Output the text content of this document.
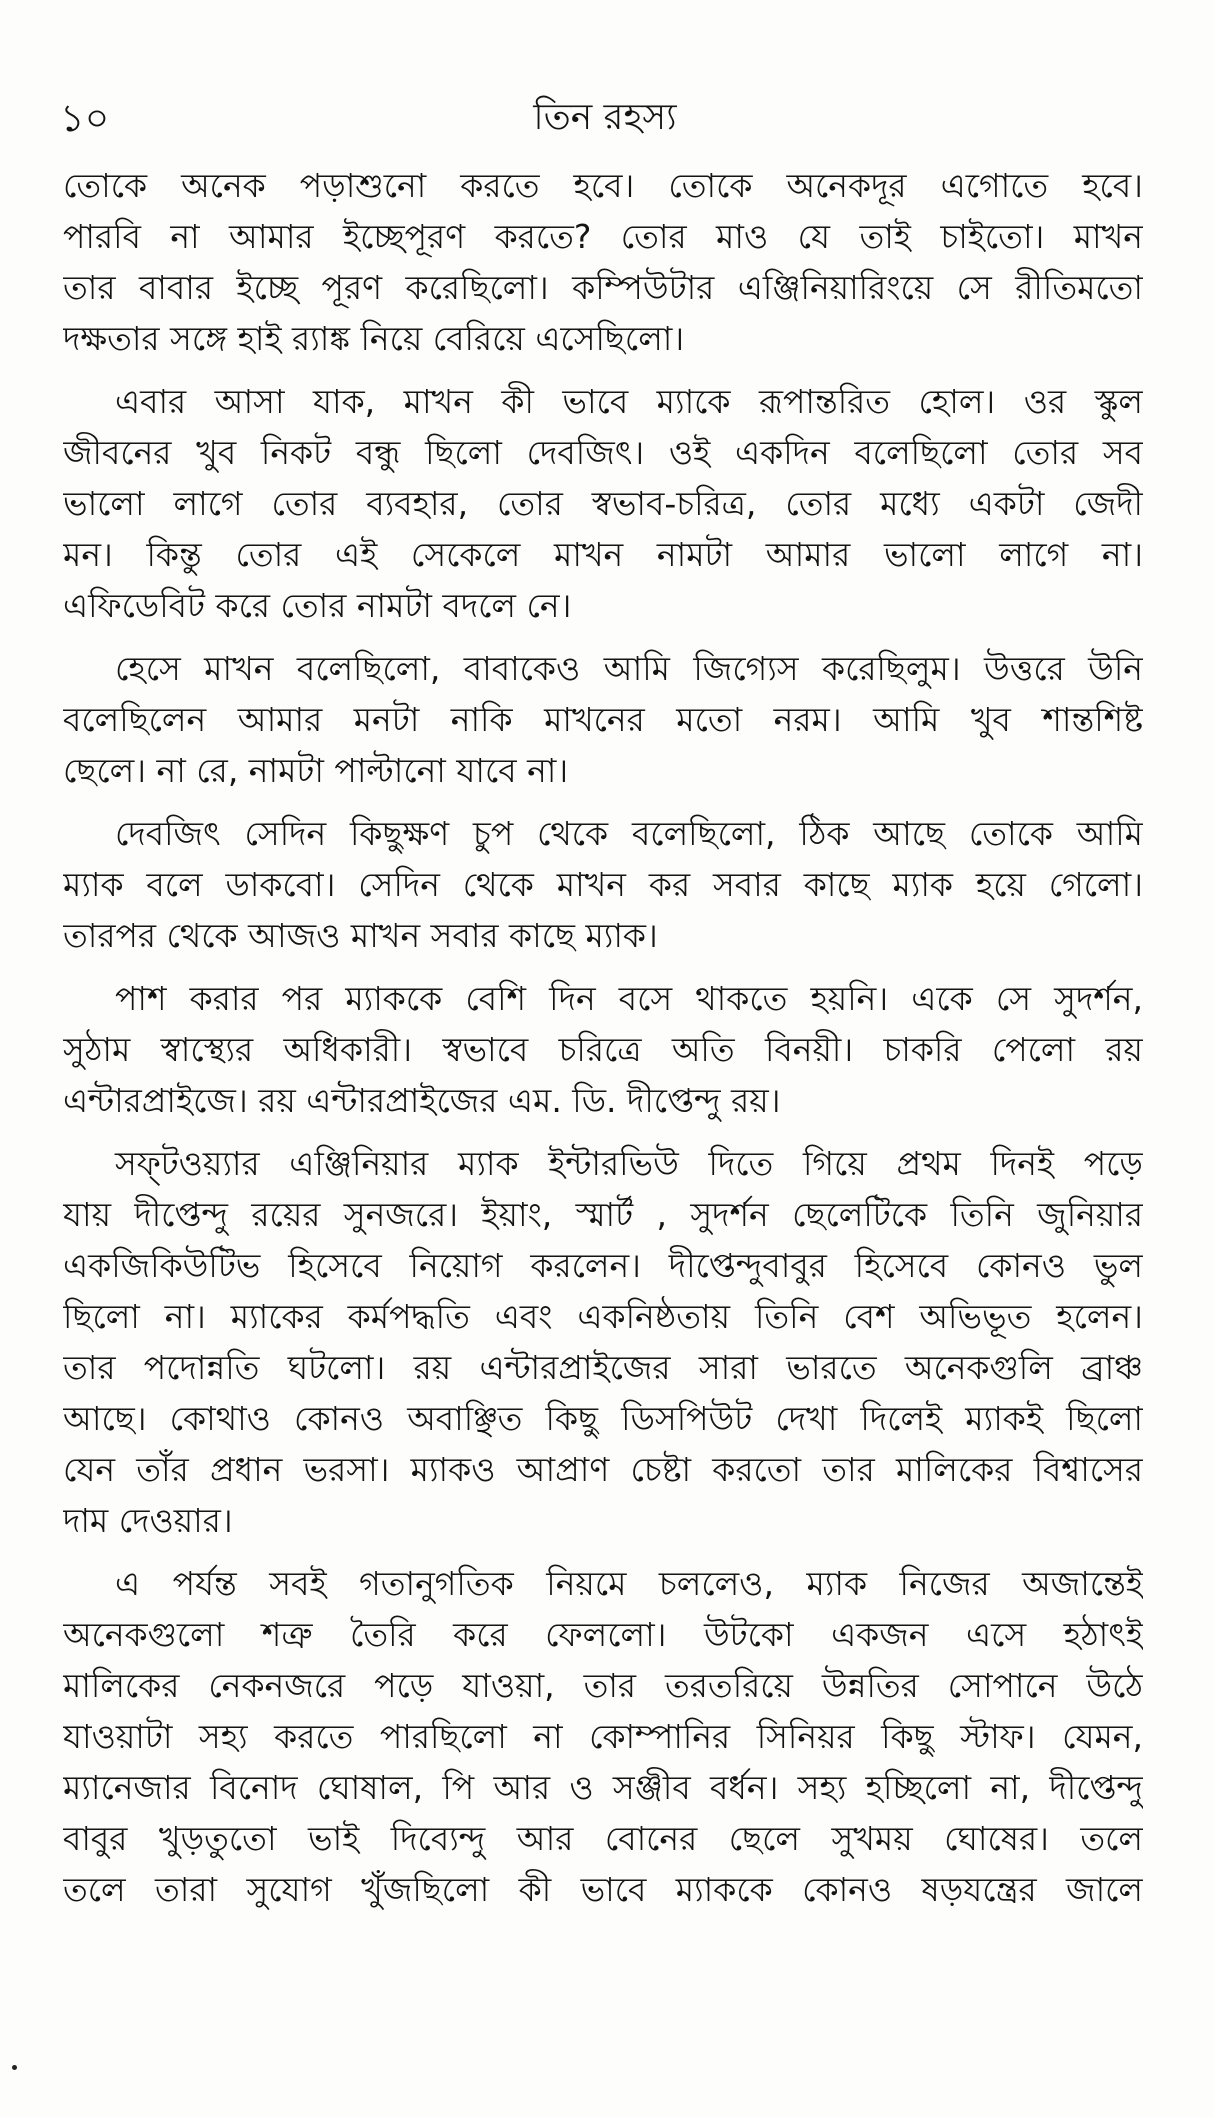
১০	তিন রহস্য
তোকে অনেক পড়াশুনো করতে হবে। তোকে অনেকদূর এগোতে হবে।
পারবি না আমার ইচ্ছেপূরণ করতে? তোর মাও যে তাই চাইতো। মাখন
তার বাবার ইচ্ছে পূরণ করেছিলো। কম্পিউটার এঞ্জিনিয়ারিংয়ে সে রীতিমতো
দক্ষতার সঙ্গে হাই র‍্যাঙ্ক নিয়ে বেরিয়ে এসেছিলো।
এবার আসা যাক, মাখন কী ভাবে ম্যাকে রূপান্তরিত হোল। ওর স্কুল
জীবনের খুব নিকট বন্ধু ছিলো দেবজিৎ। ওই একদিন বলেছিলো তোর সব
ভালো লাগে তোর ব্যবহার, তোর স্বভাব-চরিত্র, তোর মধ্যে একটা জেদী
মন। কিন্তু তোর এই সেকেলে মাখন নামটা আমার ভালো লাগে না।
এফিডেবিট করে তোর নামটা বদলে নে।
হেসে মাখন বলেছিলো, বাবাকেও আমি জিগ্যেস করেছিলুম। উত্তরে উনি
বলেছিলেন আমার মনটা নাকি মাখনের মতো নরম। আমি খুব শান্তশিষ্ট
ছেলে। না রে, নামটা পাল্টানো যাবে না।
দেবজিৎ সেদিন কিছুক্ষণ চুপ থেকে বলেছিলো, ঠিক আছে তোকে আমি
ম্যাক বলে ডাকবো। সেদিন থেকে মাখন কর সবার কাছে ম্যাক হয়ে গেলো।
তারপর থেকে আজও মাখন সবার কাছে ম্যাক।
পাশ করার পর ম্যাককে বেশি দিন বসে থাকতে হয়নি। একে সে সুদর্শন,
সুঠাম স্বাস্থ্যের অধিকারী। স্বভাবে চরিত্রে অতি বিনয়ী। চাকরি পেলো রয়
এন্টারপ্রাইজে। রয় এন্টারপ্রাইজের এম. ডি. দীপ্তেন্দু রয়।
সফ্‌টওয়্যার এঞ্জিনিয়ার ম্যাক ইন্টারভিউ দিতে গিয়ে প্রথম দিনই পড়ে
যায় দীপ্তেন্দু রয়ের সুনজরে। ইয়াং, স্মার্ট , সুদর্শন ছেলেটিকে তিনি জুনিয়ার
একজিকিউটিভ হিসেবে নিয়োগ করলেন। দীপ্তেন্দুবাবুর হিসেবে কোনও ভুল
ছিলো না। ম্যাকের কর্মপদ্ধতি এবং একনিষ্ঠতায় তিনি বেশ অভিভূত হলেন।
তার পদোন্নতি ঘটলো। রয় এন্টারপ্রাইজের সারা ভারতে অনেকগুলি ব্রাঞ্চ
আছে। কোথাও কোনও অবাঞ্ছিত কিছু ডিসপিউট দেখা দিলেই ম্যাকই ছিলো
যেন তাঁর প্রধান ভরসা। ম্যাকও আপ্রাণ চেষ্টা করতো তার মালিকের বিশ্বাসের
দাম দেওয়ার।
এ পর্যন্ত সবই গতানুগতিক নিয়মে চললেও, ম্যাক নিজের অজান্তেই
অনেকগুলো শত্রু তৈরি করে ফেললো। উটকো একজন এসে হঠাৎই
মালিকের নেকনজরে পড়ে যাওয়া, তার তরতরিয়ে উন্নতির সোপানে উঠে
যাওয়াটা সহ্য করতে পারছিলো না কোম্পানির সিনিয়র কিছু স্টাফ। যেমন,
ম্যানেজার বিনোদ ঘোষাল, পি আর ও সঞ্জীব বর্ধন। সহ্য হচ্ছিলো না, দীপ্তেন্দু
বাবুর খুড়তুতো ভাই দিব্যেন্দু আর বোনের ছেলে সুখময় ঘোষের। তলে
তলে তারা সুযোগ খুঁজছিলো কী ভাবে ম্যাককে কোনও ষড়যন্ত্রের জালে
